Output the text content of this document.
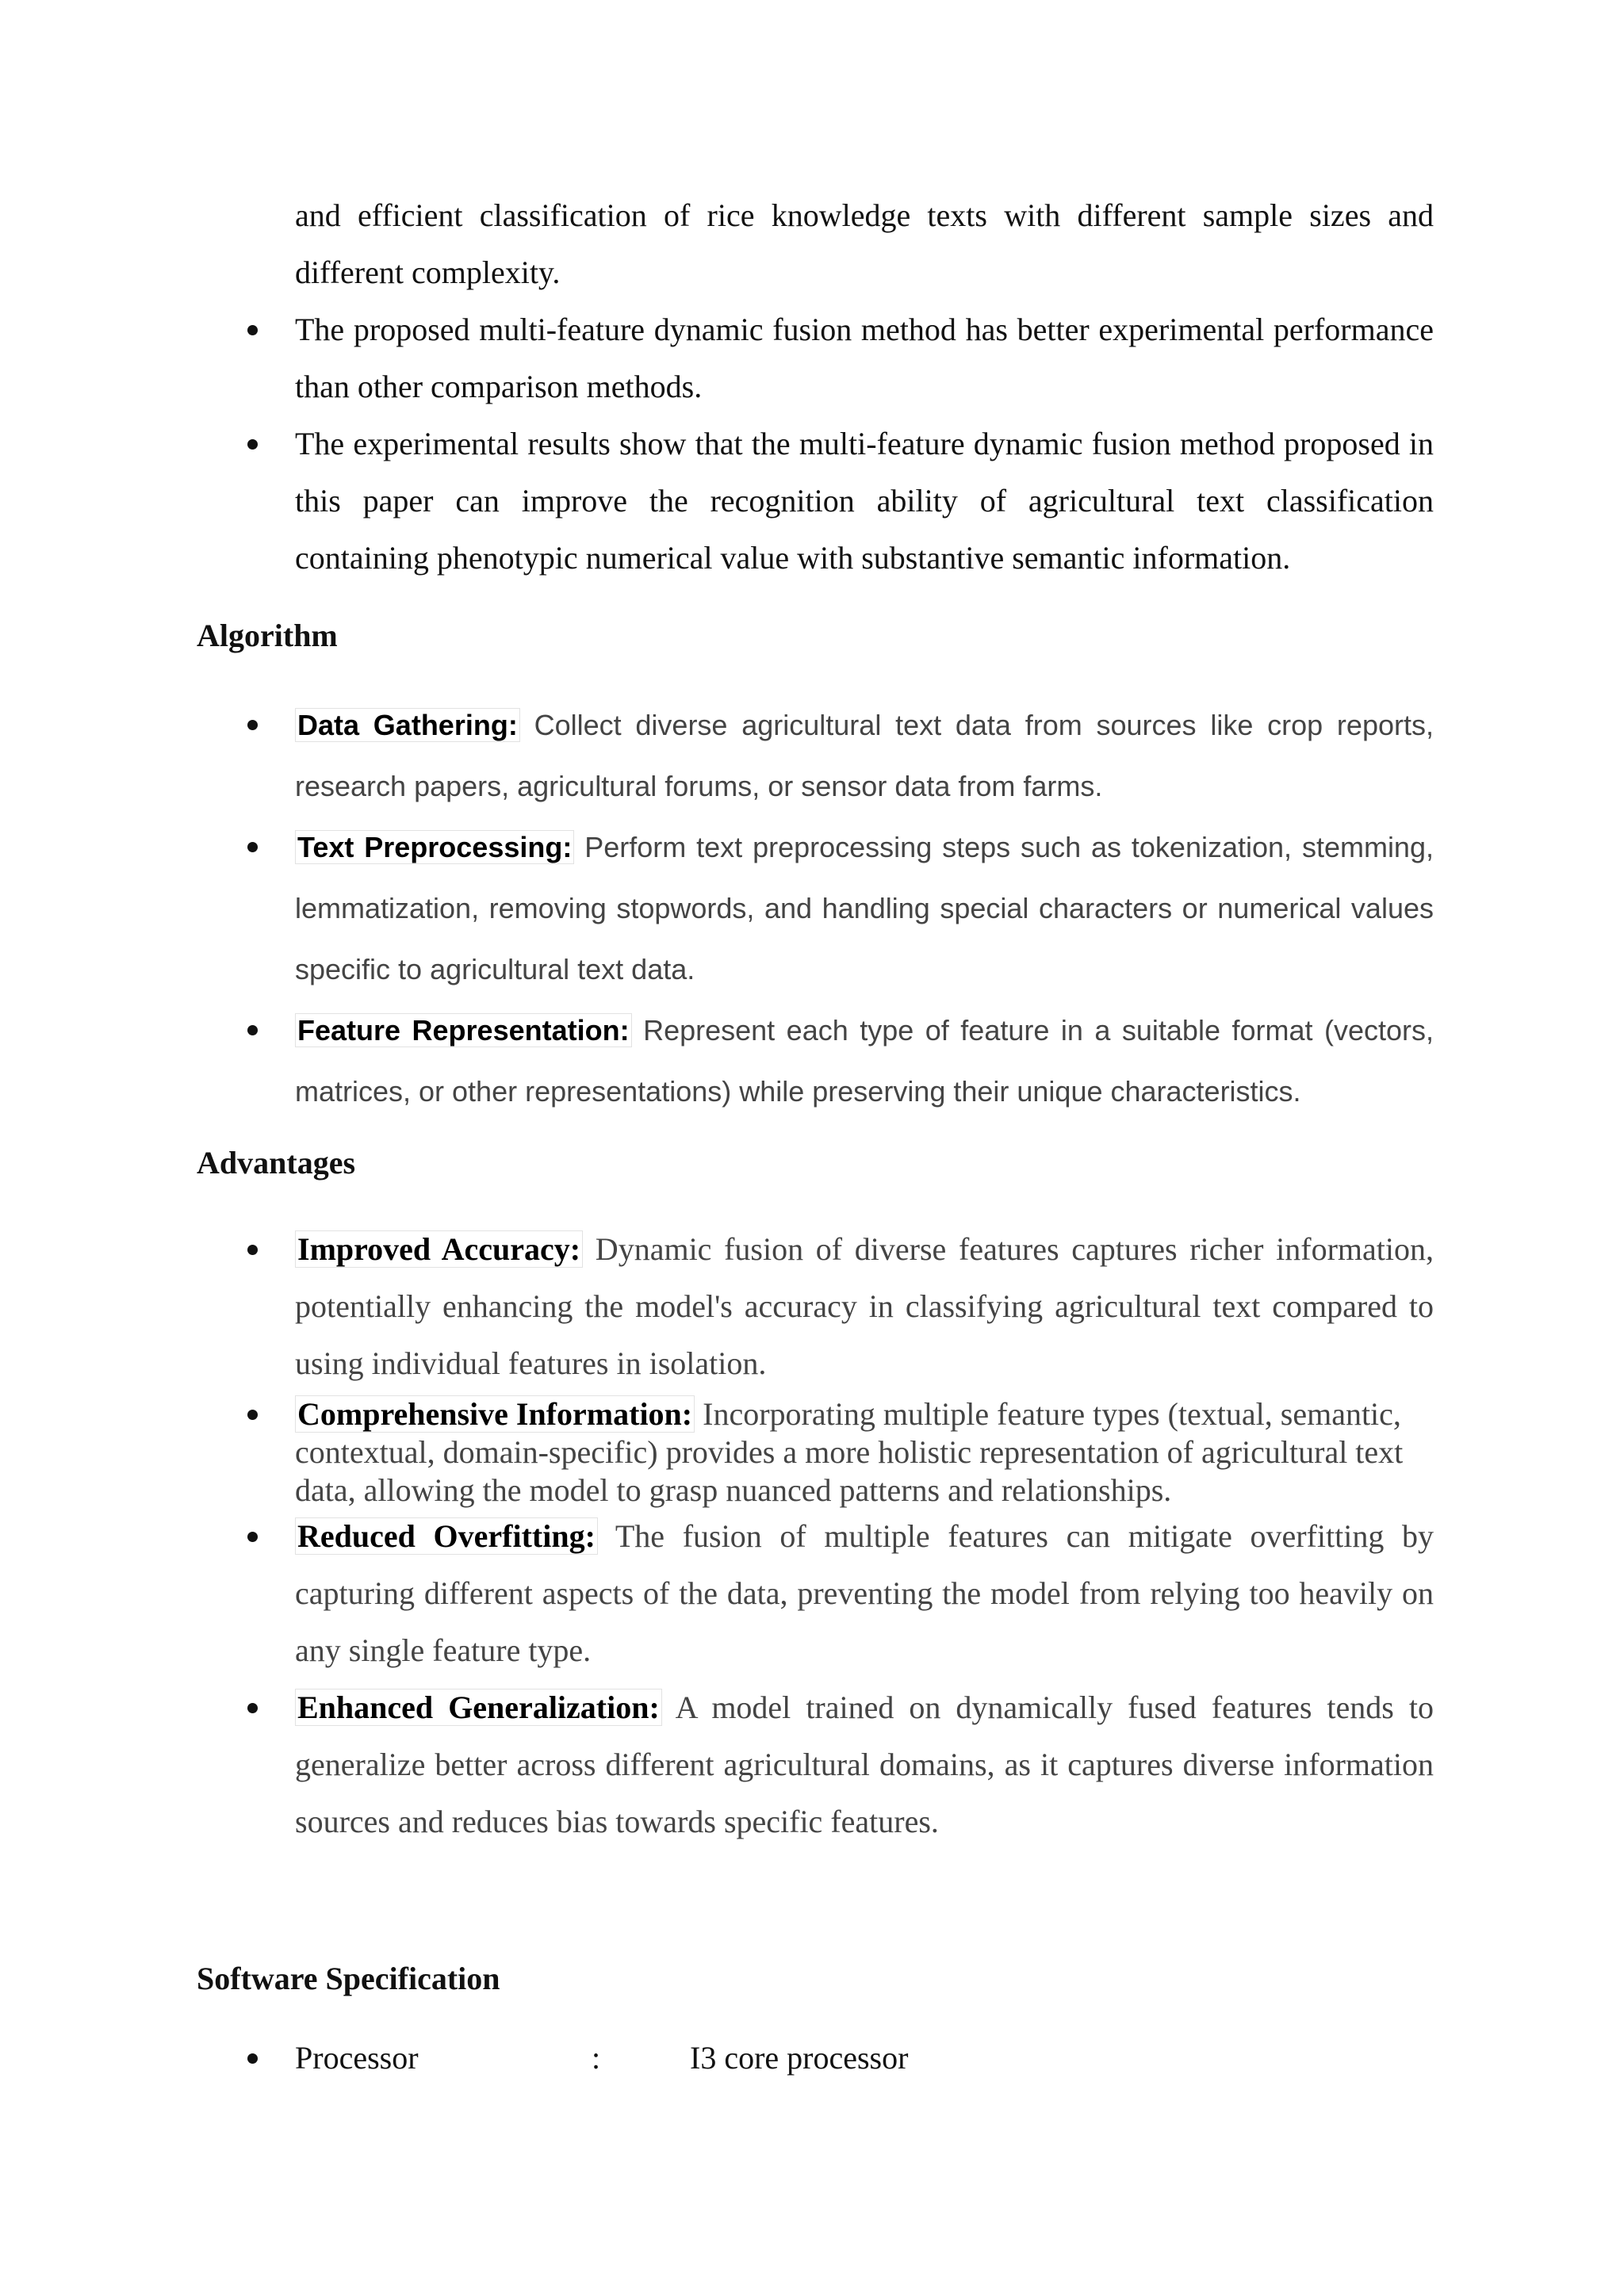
and efficient classification of rice knowledge texts with different sample sizes and different complexity.

The proposed multi-feature dynamic fusion method has better experimental performance than other comparison methods.
The experimental results show that the multi-feature dynamic fusion method proposed in this paper can improve the recognition ability of agricultural text classification containing phenotypic numerical value with substantive semantic information.
Algorithm
Data Gathering: Collect diverse agricultural text data from sources like crop reports, research papers, agricultural forums, or sensor data from farms.
Text Preprocessing: Perform text preprocessing steps such as tokenization, stemming, lemmatization, removing stopwords, and handling special characters or numerical values specific to agricultural text data.
Feature Representation: Represent each type of feature in a suitable format (vectors, matrices, or other representations) while preserving their unique characteristics.
Advantages
Improved Accuracy: Dynamic fusion of diverse features captures richer information, potentially enhancing the model's accuracy in classifying agricultural text compared to using individual features in isolation.
Comprehensive Information: Incorporating multiple feature types (textual, semantic, contextual, domain-specific) provides a more holistic representation of agricultural text data, allowing the model to grasp nuanced patterns and relationships.
Reduced Overfitting: The fusion of multiple features can mitigate overfitting by capturing different aspects of the data, preventing the model from relying too heavily on any single feature type.
Enhanced Generalization: A model trained on dynamically fused features tends to generalize better across different agricultural domains, as it captures diverse information sources and reduces bias towards specific features.
Software Specification
Processor	:	I3 core processor
